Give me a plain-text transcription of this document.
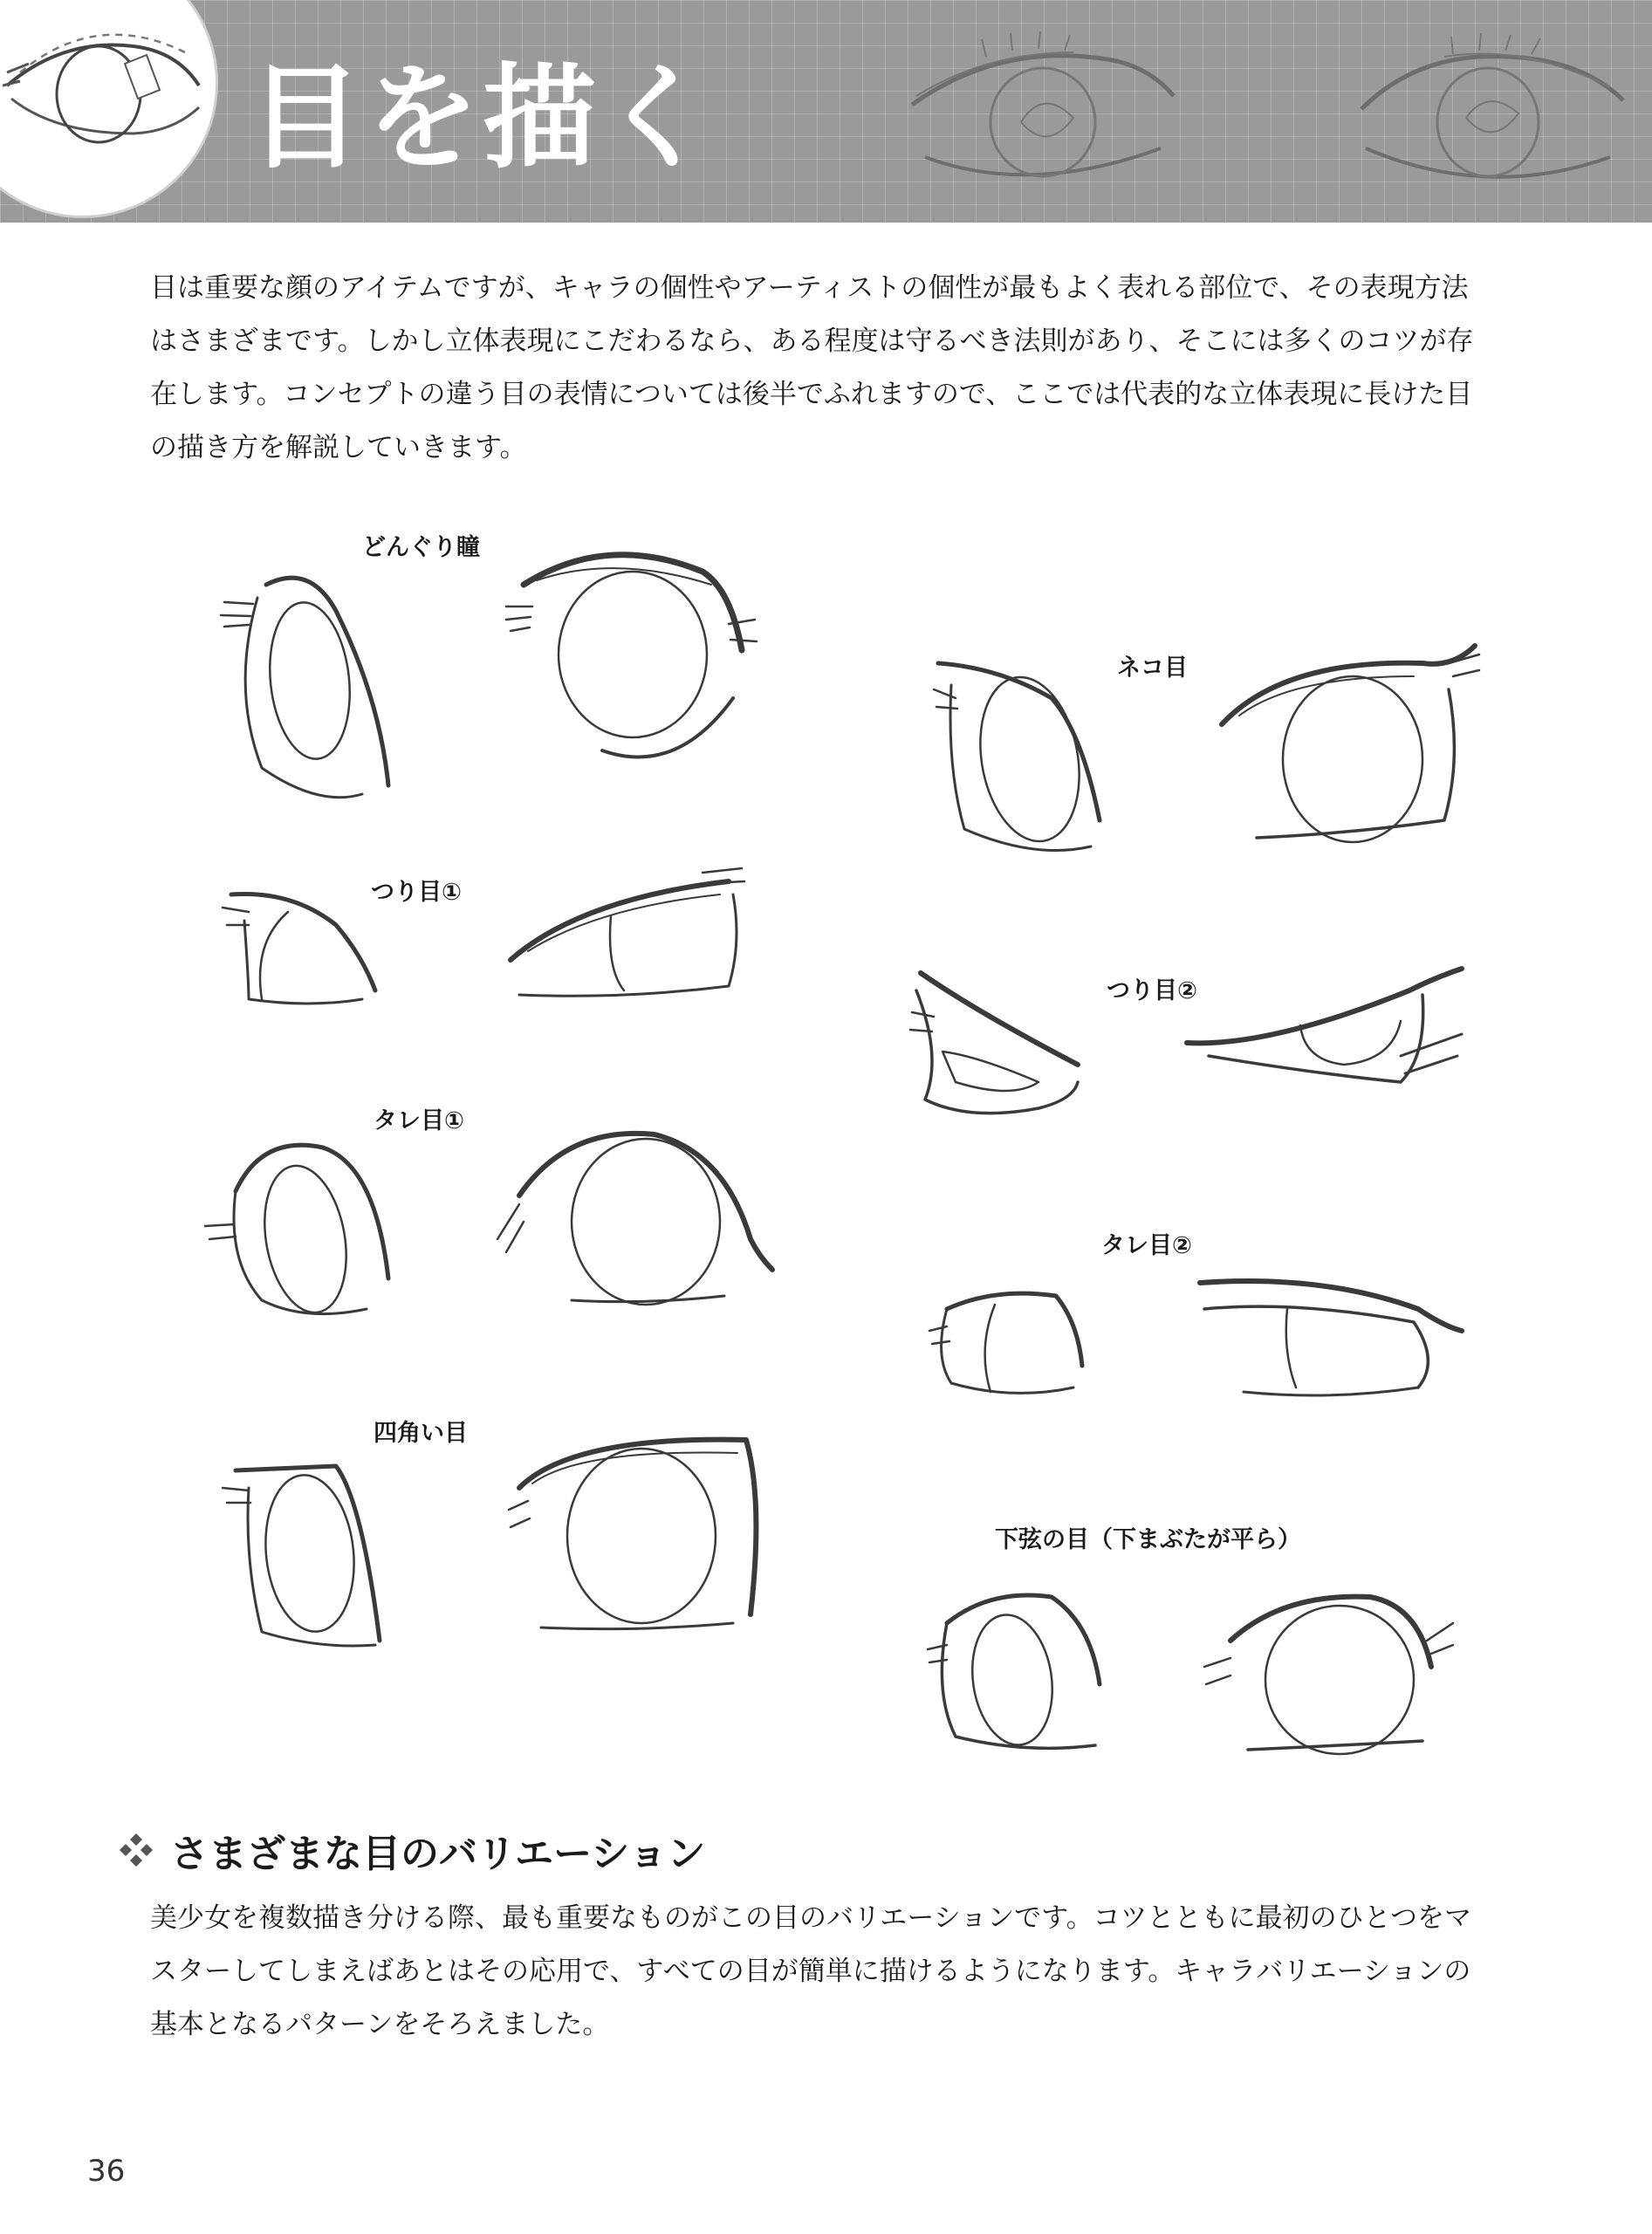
目を描く

目は重要な顔のアイテムですが、キャラの個性やアーティストの個性が最もよく表れる部位で、その表現方法はさまざまです。しかし立体表現にこだわるなら、ある程度は守るべき法則があり、そこには多くのコツが存在します。コンセプトの違う目の表情については後半でふれますので、ここでは代表的な立体表現に長けた目の描き方を解説していきます。

どんぐり瞳
つり目①
タレ目①
四角い目
ネコ目
つり目②
タレ目②
下弦の目（下まぶたが平ら）
さまざまな目のバリエーション

美少女を複数描き分ける際、最も重要なものがこの目のバリエーションです。コツとともに最初のひとつをマスターしてしまえばあとはその応用で、すべての目が簡単に描けるようになります。キャラバリエーションの基本となるパターンをそろえました。

36
